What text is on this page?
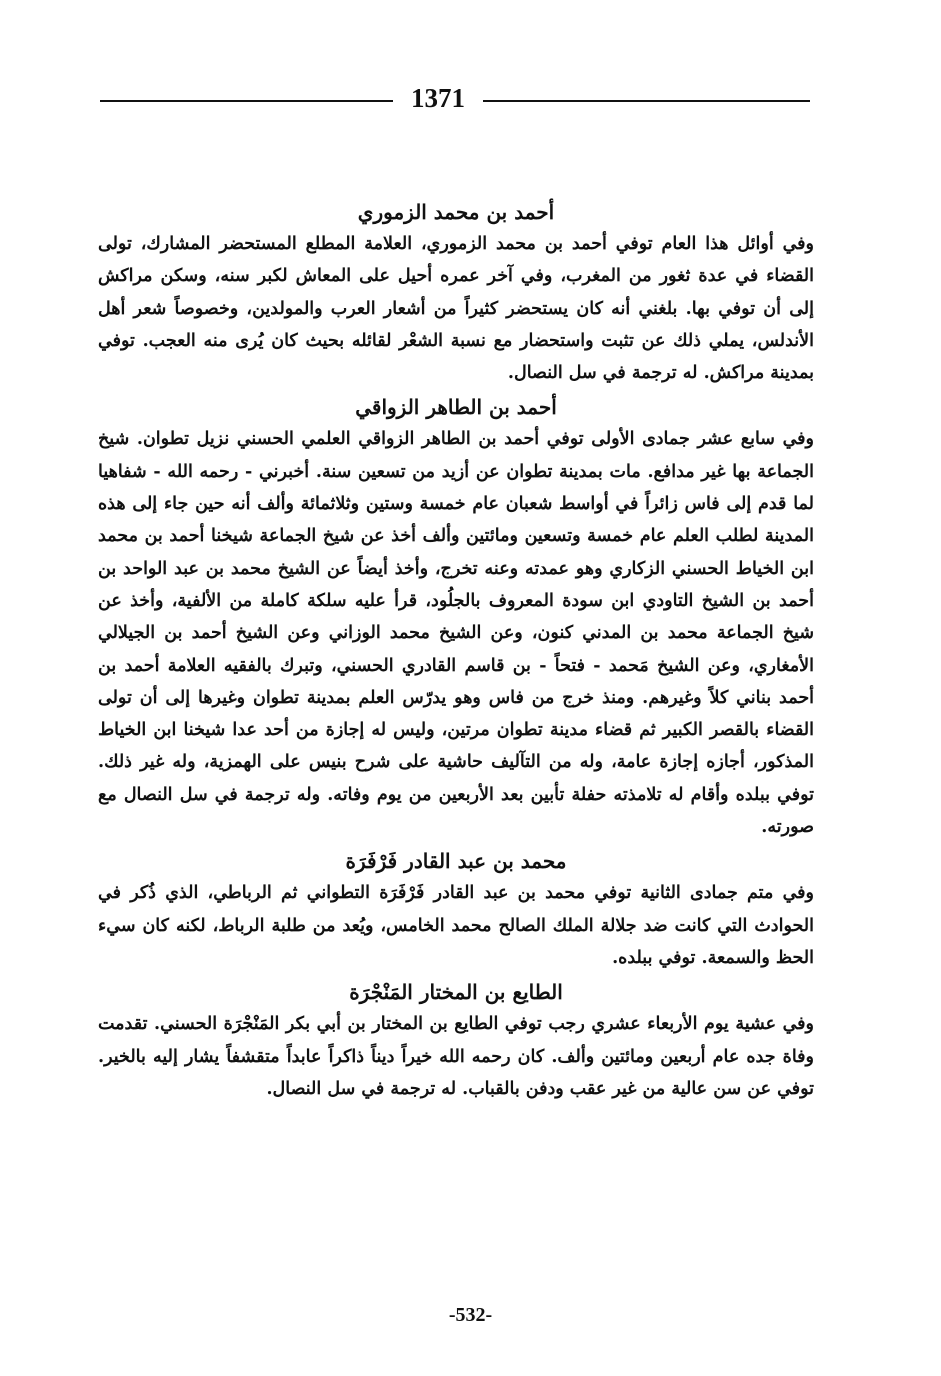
1371
أحمد بن محمد الزموري

وفي أوائل هذا العام توفي أحمد بن محمد الزموري، العلامة المطلع المستحضر المشارك، تولى القضاء في عدة ثغور من المغرب، وفي آخر عمره أحيل على المعاش لكبر سنه، وسكن مراكش إلى أن توفي بها. بلغني أنه كان يستحضر كثيراً من أشعار العرب والمولدين، وخصوصاً شعر أهل الأندلس، يملي ذلك عن تثبت واستحضار مع نسبة الشعْر لقائله بحيث كان يُرى منه العجب. توفي بمدينة مراكش. له ترجمة في سل النصال.

أحمد بن الطاهر الزواقي

وفي سابع عشر جمادى الأولى توفي أحمد بن الطاهر الزواقي العلمي الحسني نزيل تطوان. شيخ الجماعة بها غير مدافع. مات بمدينة تطوان عن أزيد من تسعين سنة. أخبرني - رحمه الله - شفاهيا لما قدم إلى فاس زائراً في أواسط شعبان عام خمسة وستين وثلاثمائة وألف أنه حين جاء إلى هذه المدينة لطلب العلم عام خمسة وتسعين ومائتين وألف أخذ عن شيخ الجماعة شيخنا أحمد بن محمد ابن الخياط الحسني الزكاري وهو عمدته وعنه تخرج، وأخذ أيضاً عن الشيخ محمد بن عبد الواحد بن أحمد بن الشيخ التاودي ابن سودة المعروف بالجلُود، قرأ عليه سلكة كاملة من الألفية، وأخذ عن شيخ الجماعة محمد بن المدني كنون، وعن الشيخ محمد الوزاني وعن الشيخ أحمد بن الجيلالي الأمغاري، وعن الشيخ مَحمد - فتحاً - بن قاسم القادري الحسني، وتبرك بالفقيه العلامة أحمد بن أحمد بناني كلاً وغيرهم. ومنذ خرج من فاس وهو يدرّس العلم بمدينة تطوان وغيرها إلى أن تولى القضاء بالقصر الكبير ثم قضاء مدينة تطوان مرتين، وليس له إجازة من أحد عدا شيخنا ابن الخياط المذكور، أجازه إجازة عامة، وله من التآليف حاشية على شرح بنيس على الهمزية، وله غير ذلك. توفي ببلده وأقام له تلامذته حفلة تأبين بعد الأربعين من يوم وفاته. وله ترجمة في سل النصال مع صورته.

محمد بن عبد القادر فَرْفَرَة

وفي متم جمادى الثانية توفي محمد بن عبد القادر فَرْفَرَة التطواني ثم الرباطي، الذي ذُكر في الحوادث التي كانت ضد جلالة الملك الصالح محمد الخامس، ويُعد من طلبة الرباط، لكنه كان سيء الحظ والسمعة. توفي ببلده.

الطايع بن المختار المَنْجْرَة

وفي عشية يوم الأربعاء عشري رجب توفي الطايع بن المختار بن أبي بكر المَنْجْرَة الحسني. تقدمت وفاة جده عام أربعين ومائتين وألف. كان رحمه الله خيراً ديناً ذاكراً عابداً متقشفاً يشار إليه بالخير. توفي عن سن عالية من غير عقب ودفن بالقباب. له ترجمة في سل النصال.

-532-
